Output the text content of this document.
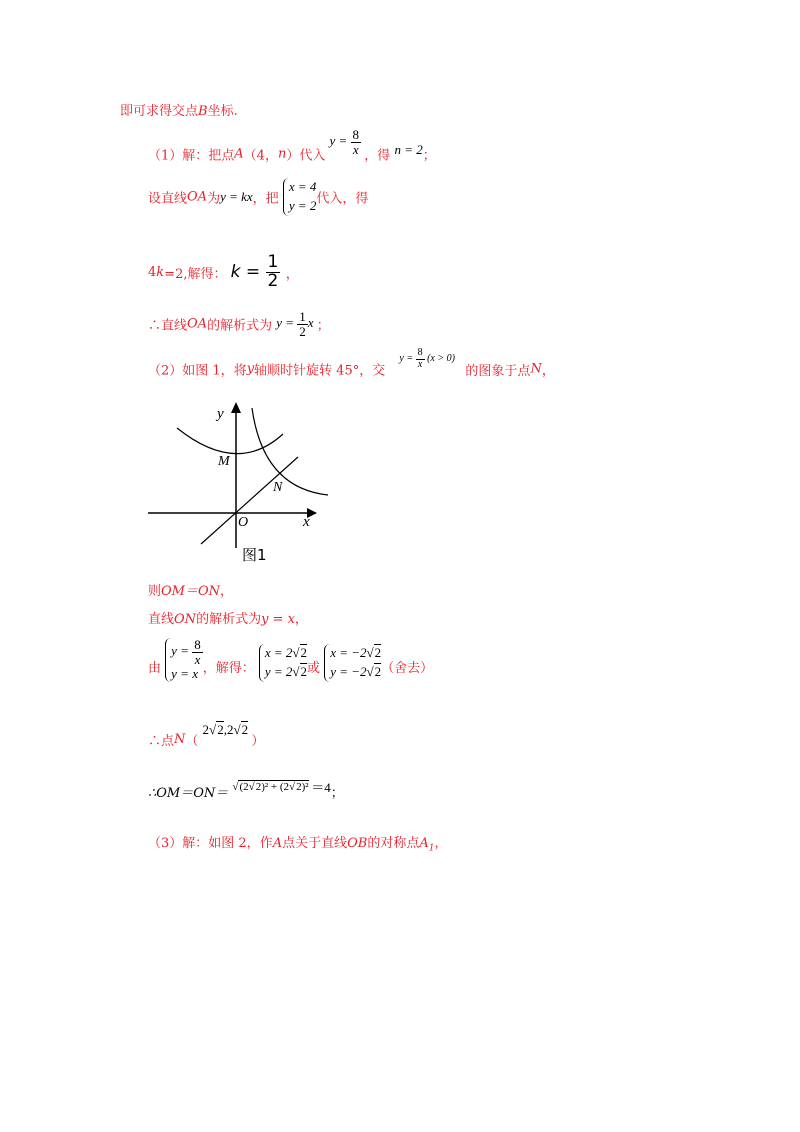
即可求得交点B坐标.
（1）解：把点A（4，n）代入 $y = \frac{8}{x}$ ，得 n = 2；
设直线OA为y = kx，把
x = 4
y = 2 代入，得
4k=2,解得： $k = \frac{1}{2}$ ，
∴直线OA的解析式为 $y = \frac{1}{2}$ x ；
（2）如图 1，将y轴顺时针旋转 45°，交 $^{y = \frac{8}{x} (x > 0)}$ 的图象于点N，
y
x
M
N
O
图1
则OM＝ON，
直线ON的解析式为y = x，
由
$y = \frac{8}{x}$
y = x ，解得：
x = 2√2
y = 2√2 或
x = −2√2
y = −2√2 （舍去）
∴点N（ 2√2,2√2 ）
∴OM＝ON＝ $^{√(2√2)^2 + (2√2)^2}$ ＝4；
（3）解：如图 2，作A点关于直线OB的对称点$A_1$，
